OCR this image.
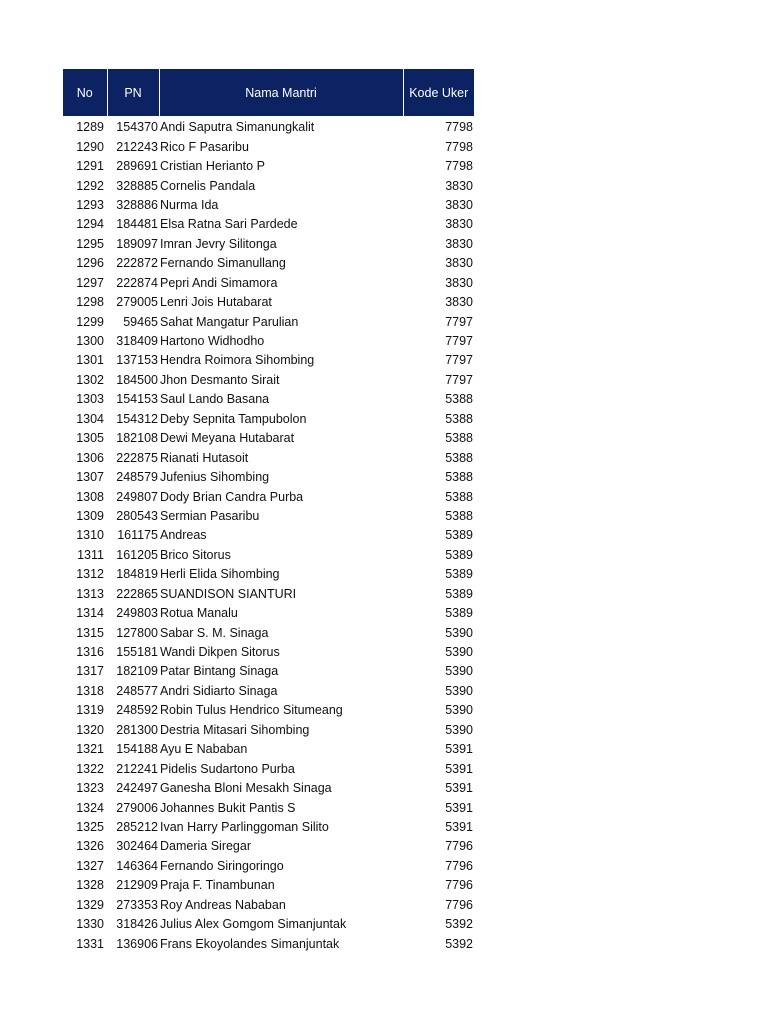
No	PN	Nama Mantri	Kode Uker

1289	154370	Andi Saputra Simanungkalit	7798
1290	212243	Rico F Pasaribu	7798
1291	289691	Cristian Herianto P	7798
1292	328885	Cornelis Pandala	3830
1293	328886	Nurma Ida	3830
1294	184481	Elsa Ratna Sari Pardede	3830
1295	189097	Imran Jevry Silitonga	3830
1296	222872	Fernando Simanullang	3830
1297	222874	Pepri Andi Simamora	3830
1298	279005	Lenri Jois Hutabarat	3830
1299	59465	Sahat Mangatur Parulian	7797
1300	318409	Hartono Widhodho	7797
1301	137153	Hendra Roimora Sihombing	7797
1302	184500	Jhon Desmanto Sirait	7797
1303	154153	Saul Lando Basana	5388
1304	154312	Deby Sepnita Tampubolon	5388
1305	182108	Dewi Meyana Hutabarat	5388
1306	222875	Rianati Hutasoit	5388
1307	248579	Jufenius Sihombing	5388
1308	249807	Dody Brian Candra Purba	5388
1309	280543	Sermian Pasaribu	5388
1310	161175	Andreas	5389
1311	161205	Brico Sitorus	5389
1312	184819	Herli Elida Sihombing	5389
1313	222865	SUANDISON SIANTURI	5389
1314	249803	Rotua Manalu	5389
1315	127800	Sabar S. M. Sinaga	5390
1316	155181	Wandi Dikpen Sitorus	5390
1317	182109	Patar Bintang Sinaga	5390
1318	248577	Andri Sidiarto Sinaga	5390
1319	248592	Robin Tulus Hendrico Situmeang	5390
1320	281300	Destria Mitasari Sihombing	5390
1321	154188	Ayu E Nababan	5391
1322	212241	Pidelis Sudartono Purba	5391
1323	242497	Ganesha Bloni Mesakh Sinaga	5391
1324	279006	Johannes Bukit Pantis S	5391
1325	285212	Ivan Harry Parlinggoman Silito	5391
1326	302464	Dameria Siregar	7796
1327	146364	Fernando Siringoringo	7796
1328	212909	Praja F. Tinambunan	7796
1329	273353	Roy Andreas Nababan	7796
1330	318426	Julius Alex Gomgom Simanjuntak	5392
1331	136906	Frans Ekoyolandes Simanjuntak	5392
